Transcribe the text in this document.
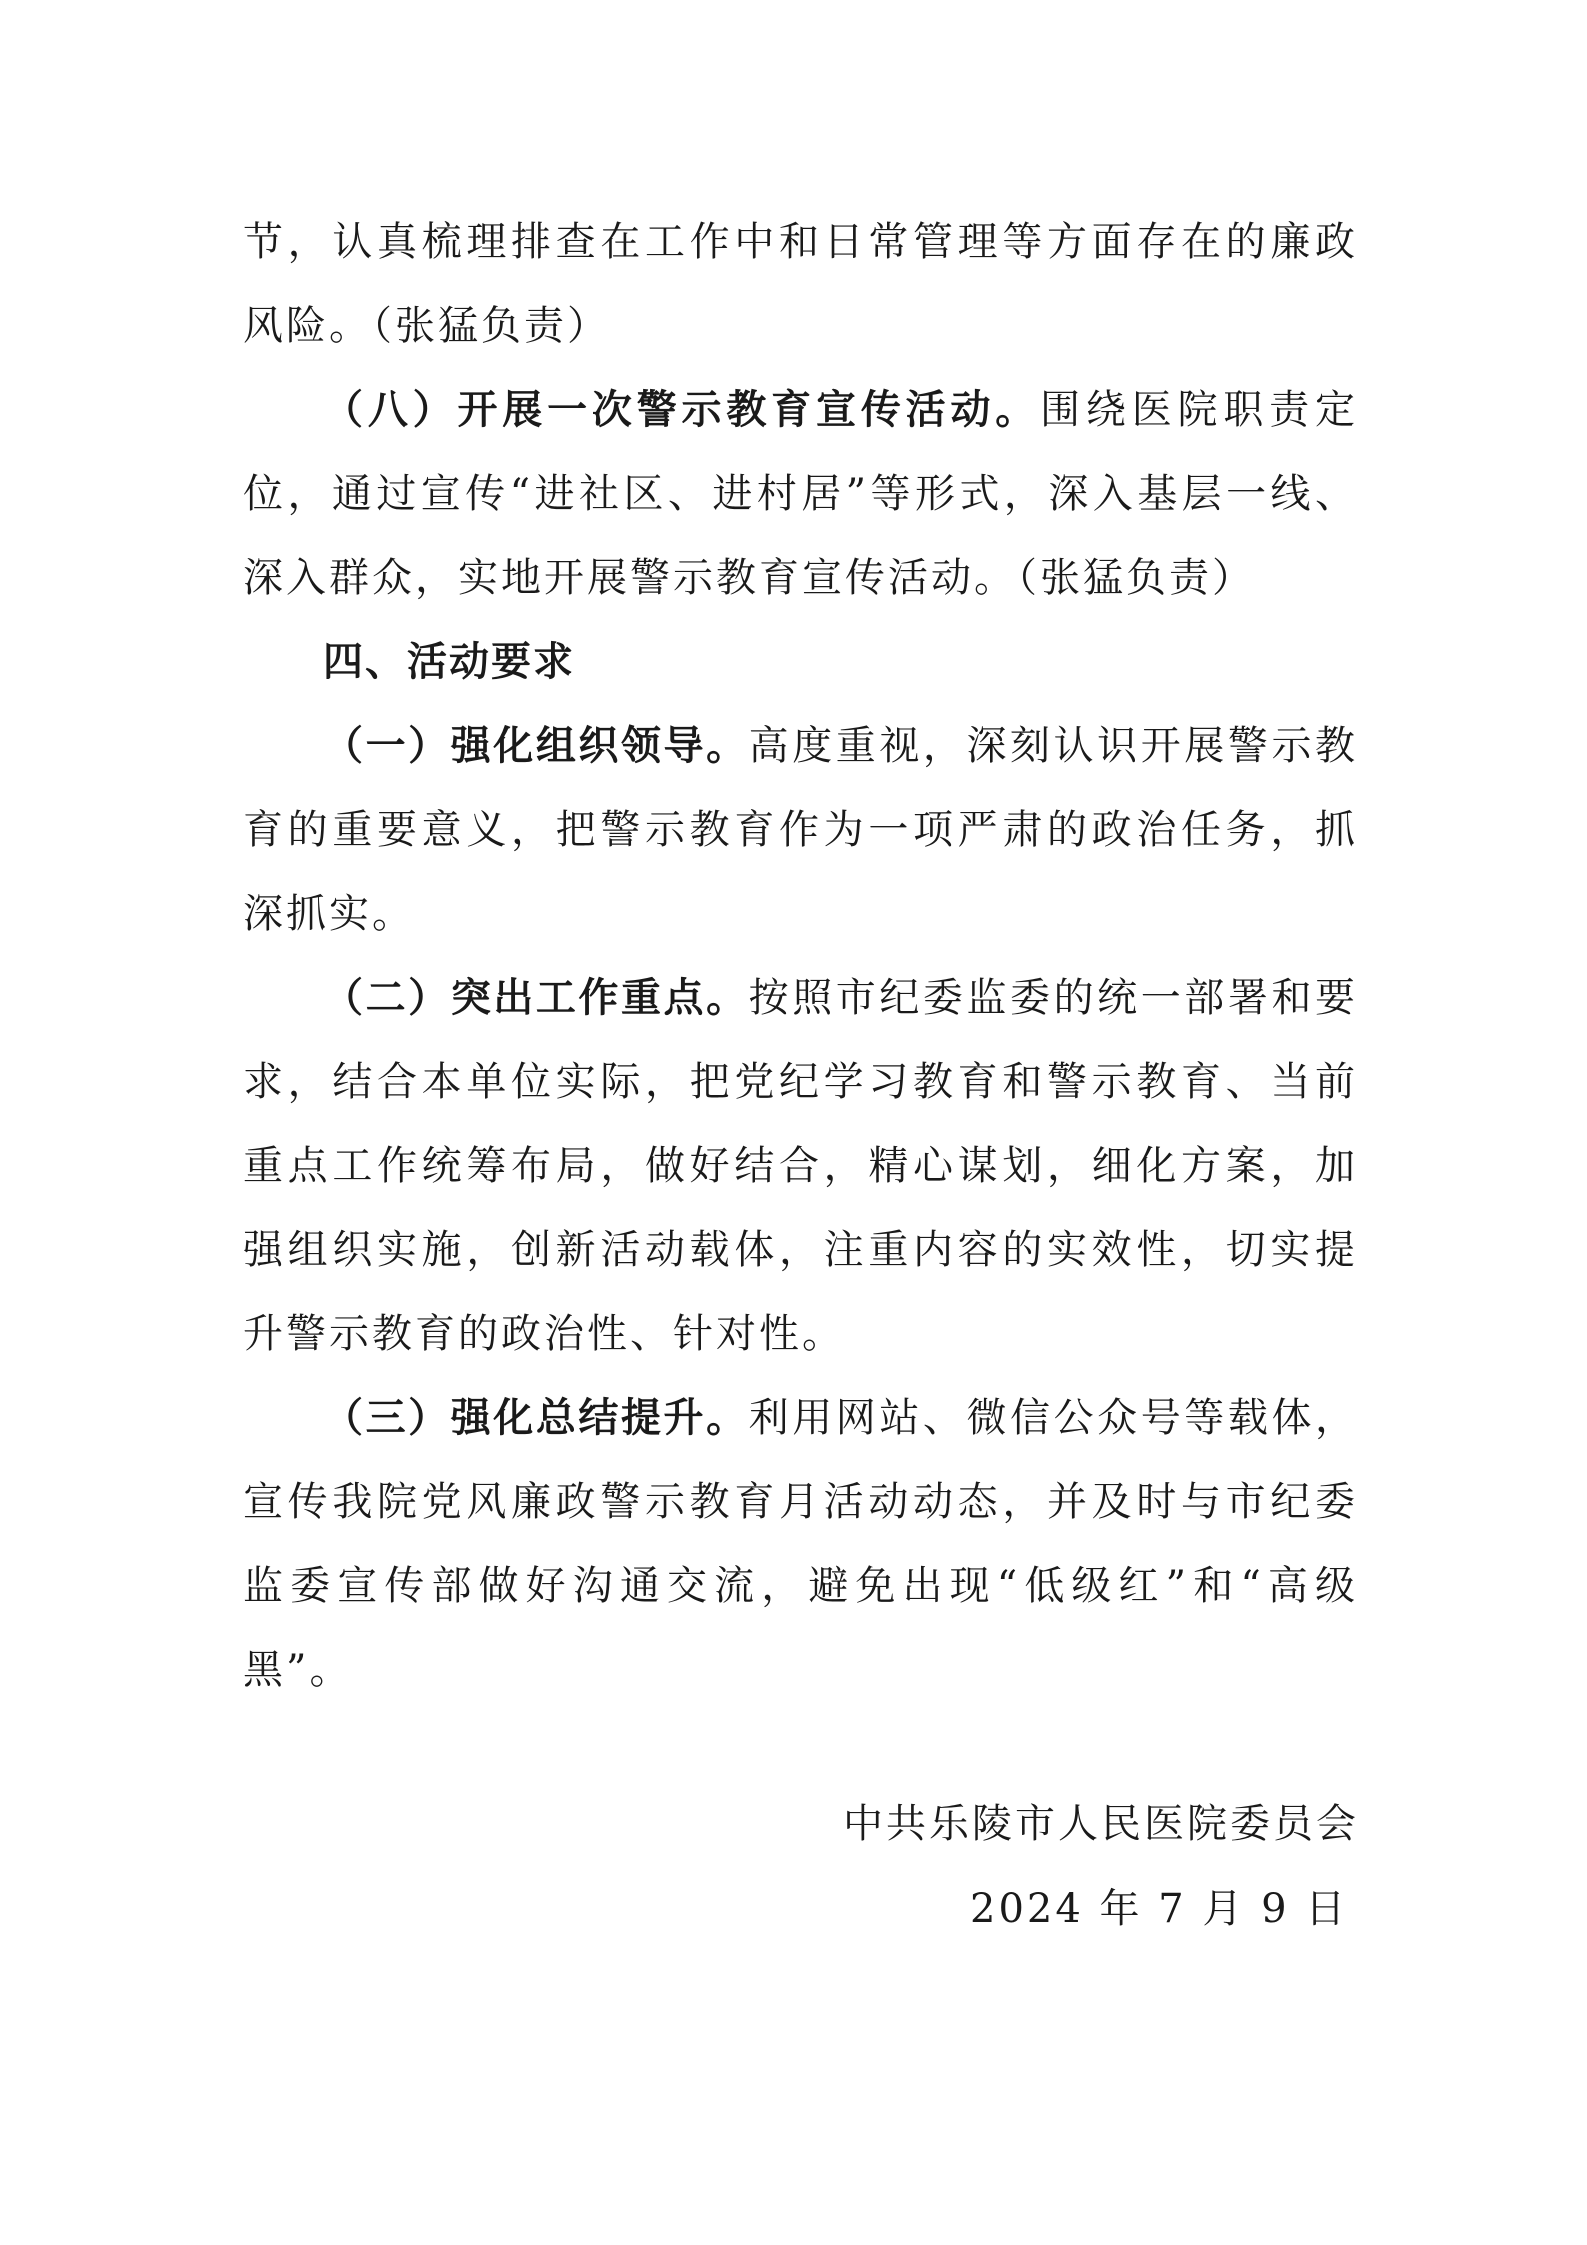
节，认真梳理排查在工作中和日常管理等方面存在的廉政风险。（张猛负责）

（八）开展一次警示教育宣传活动。围绕医院职责定位，通过宣传“进社区、进村居”等形式，深入基层一线、深入群众，实地开展警示教育宣传活动。（张猛负责）

四、活动要求

（一）强化组织领导。高度重视，深刻认识开展警示教育的重要意义，把警示教育作为一项严肃的政治任务，抓深抓实。

（二）突出工作重点。按照市纪委监委的统一部署和要求，结合本单位实际，把党纪学习教育和警示教育、当前重点工作统筹布局，做好结合，精心谋划，细化方案，加强组织实施，创新活动载体，注重内容的实效性，切实提升警示教育的政治性、针对性。

（三）强化总结提升。利用网站、微信公众号等载体，宣传我院党风廉政警示教育月活动动态，并及时与市纪委监委宣传部做好沟通交流，避免出现“低级红”和“高级黑”。

中共乐陵市人民医院委员会
2024 年 7 月 9 日
